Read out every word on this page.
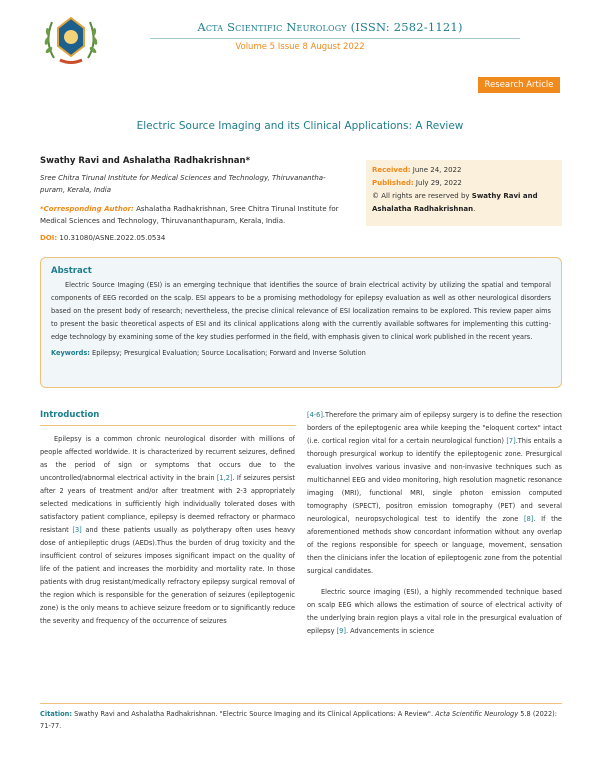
Acta Scientific Neurology (ISSN: 2582-1121)
Volume 5 Issue 8 August 2022
Research Article
Electric Source Imaging and its Clinical Applications: A Review
Swathy Ravi and Ashalatha Radhakrishnan*
Sree Chitra Tirunal Institute for Medical Sciences and Technology, Thiruvanantha-puram, Kerala, India
*Corresponding Author: Ashalatha Radhakrishnan, Sree Chitra Tirunal Institute for Medical Sciences and Technology, Thiruvananthapuram, Kerala, India.
DOI: 10.31080/ASNE.2022.05.0534
Received: June 24, 2022
Published: July 29, 2022
© All rights are reserved by Swathy Ravi and Ashalatha Radhakrishnan.
Abstract
Electric Source Imaging (ESI) is an emerging technique that identifies the source of brain electrical activity by utilizing the spatial and temporal components of EEG recorded on the scalp. ESI appears to be a promising methodology for epilepsy evaluation as well as other neurological disorders based on the present body of research; nevertheless, the precise clinical relevance of ESI localization remains to be explored. This review paper aims to present the basic theoretical aspects of ESI and its clinical applications along with the currently available softwares for implementing this cutting-edge technology by examining some of the key studies performed in the field, with emphasis given to clinical work published in the recent years.
Keywords: Epilepsy; Presurgical Evaluation; Source Localisation; Forward and Inverse Solution
Introduction

Epilepsy is a common chronic neurological disorder with millions of people affected worldwide. It is characterized by recurrent seizures, defined as the period of sign or symptoms that occurs due to the uncontrolled/abnormal electrical activity in the brain [1,2]. If seizures persist after 2 years of treatment and/or after treatment with 2-3 appropriately selected medications in sufficiently high individually tolerated doses with satisfactory patient compliance, epilepsy is deemed refractory or pharmaco resistant [3] and these patients usually as polytherapy often uses heavy dose of antiepileptic drugs (AEDs).Thus the burden of drug toxicity and the insufficient control of seizures imposes significant impact on the quality of life of the patient and increases the morbidity and mortality rate. In those patients with drug resistant/medically refractory epilepsy surgical removal of the region which is responsible for the generation of seizures (epileptogenic zone) is the only means to achieve seizure freedom or to significantly reduce the severity and frequency of the occurrence of seizures

[4-6].Therefore the primary aim of epilepsy surgery is to define the resection borders of the epileptogenic area while keeping the "eloquent cortex" intact (i.e. cortical region vital for a certain neurological function) [7].This entails a thorough presurgical workup to identify the epileptogenic zone. Presurgical evaluation involves various invasive and non-invasive techniques such as multichannel EEG and video monitoring, high resolution magnetic resonance imaging (MRI), functional MRI, single photon emission computed tomography (SPECT), positron emission tomography (PET) and several neurological, neuropsychological test to identify the zone [8]. If the aforementioned methods show concordant information without any overlap of the regions responsible for speech or language, movement, sensation then the clinicians infer the location of epileptogenic zone from the potential surgical candidates.

Electric source imaging (ESI), a highly recommended technique based on scalp EEG which allows the estimation of source of electrical activity of the underlying brain region plays a vital role in the presurgical evaluation of epilepsy [9]. Advancements in science

Citation: Swathy Ravi and Ashalatha Radhakrishnan. "Electric Source Imaging and its Clinical Applications: A Review". Acta Scientific Neurology 5.8 (2022): 71-77.
